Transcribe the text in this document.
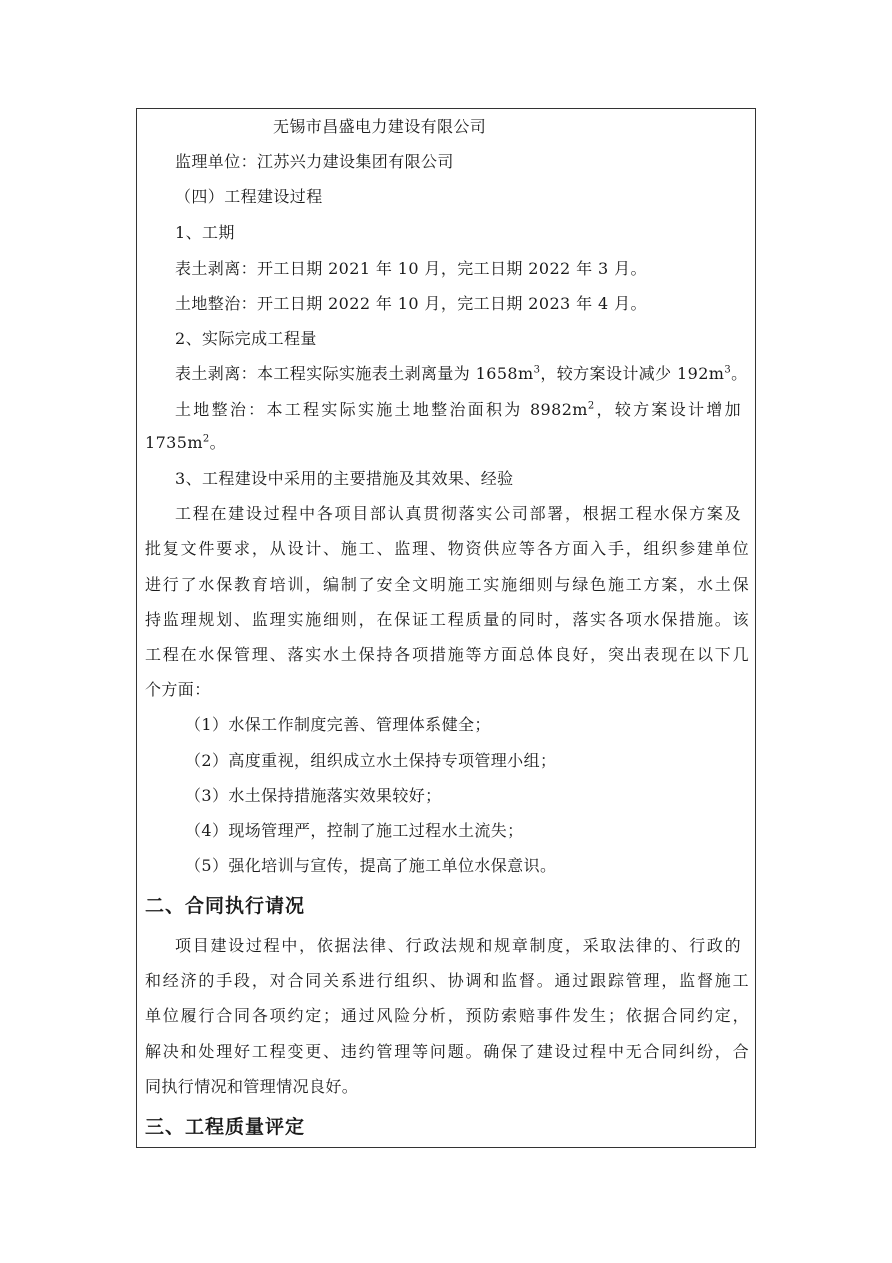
无锡市昌盛电力建设有限公司
监理单位：江苏兴力建设集团有限公司
（四）工程建设过程
1、工期
表土剥离：开工日期 2021 年 10 月，完工日期 2022 年 3 月。
土地整治：开工日期 2022 年 10 月，完工日期 2023 年 4 月。
2、实际完成工程量
表土剥离：本工程实际实施表土剥离量为 $1658m^3$，较方案设计减少 $192m^3$。
土地整治：本工程实际实施土地整治面积为 $8982m^2$，较方案设计增加
$1735m^2$。
3、工程建设中采用的主要措施及其效果、经验
工程在建设过程中各项目部认真贯彻落实公司部署，根据工程水保方案及
批复文件要求，从设计、施工、监理、物资供应等各方面入手，组织参建单位
进行了水保教育培训，编制了安全文明施工实施细则与绿色施工方案，水土保
持监理规划、监理实施细则，在保证工程质量的同时，落实各项水保措施。该
工程在水保管理、落实水土保持各项措施等方面总体良好，突出表现在以下几
个方面：
（1）水保工作制度完善、管理体系健全；
（2）高度重视，组织成立水土保持专项管理小组；
（3）水土保持措施落实效果较好；
（4）现场管理严，控制了施工过程水土流失；
（5）强化培训与宣传，提高了施工单位水保意识。
二、合同执行请况
项目建设过程中，依据法律、行政法规和规章制度，采取法律的、行政的
和经济的手段，对合同关系进行组织、协调和监督。通过跟踪管理，监督施工
单位履行合同各项约定；通过风险分析，预防索赔事件发生；依据合同约定，
解决和处理好工程变更、违约管理等问题。确保了建设过程中无合同纠纷，合
同执行情况和管理情况良好。
三、工程质量评定
